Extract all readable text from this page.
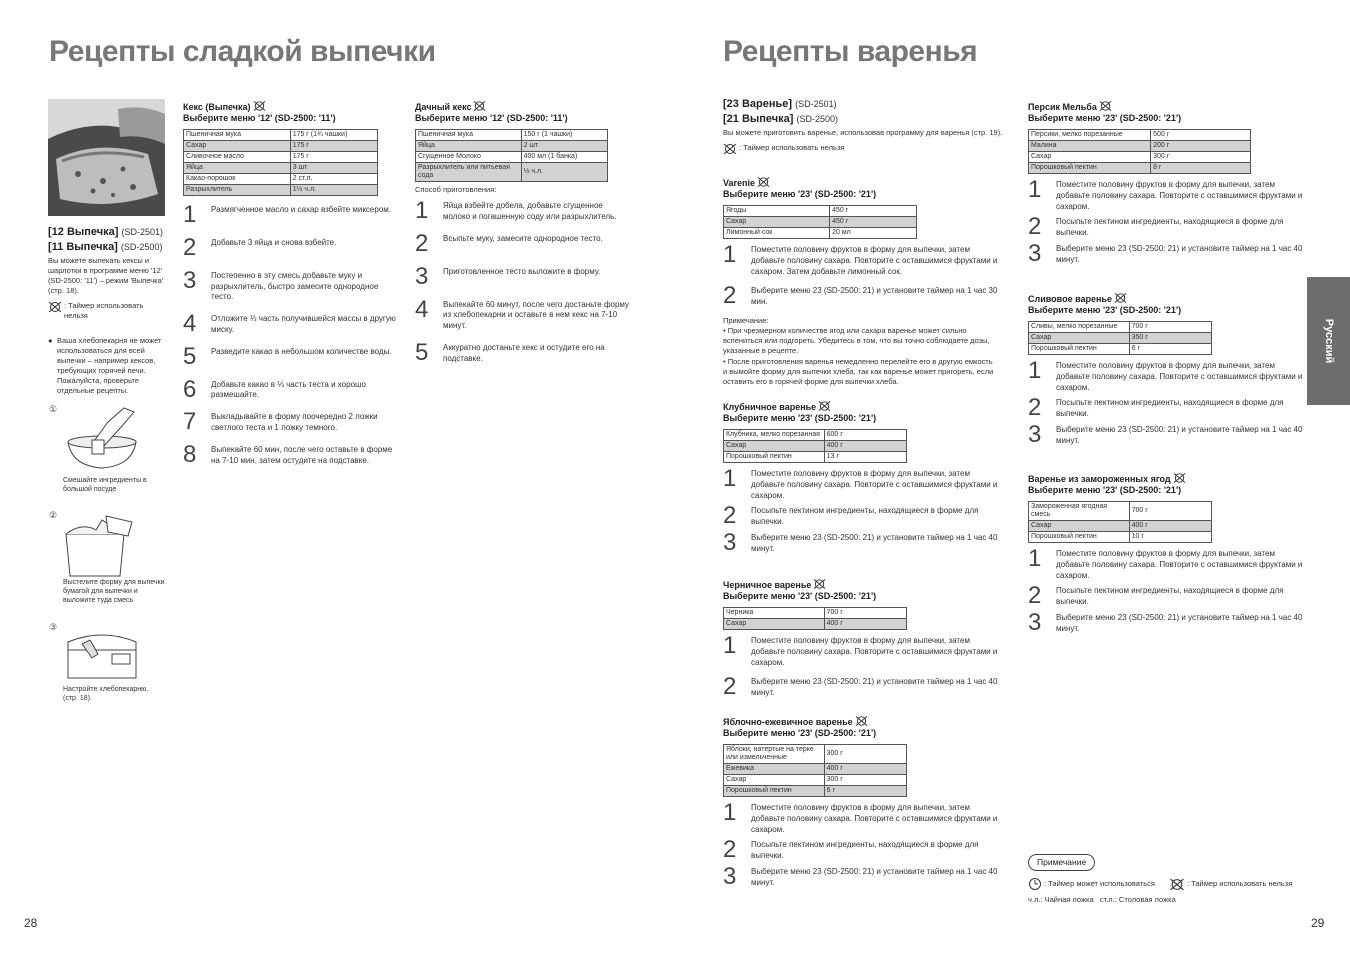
Рецепты сладкой выпечки
[12 Выпечка] (SD-2501)
[11 Выпечка] (SD-2500)
Вы можете выпекать кексы и шарлотки в программе меню '12' (SD-2500: '11') – режим 'Выпечка' (стр. 18).
: Таймер использовать нельзя
● Ваша хлебопекарня не может использоваться для всей выпечки – например кексов, требующих горячей печи. Пожалуйста, проверьте отдельные рецепты.
①
Смешайте ингредиенты в большой посуде
②
Выстелите форму для выпечки бумагой для выпечки и выложите туда смесь
③
Настройте хлебопекарню. (стр. 18).
Кекс (Выпечка)
Выберите меню '12' (SD-2500: '11')
Пшеничная мука	175 г (1¾ чашки)
Сахар	175 г
Сливочное масло	175 г
Яйца	3 шт
Какао-порошок	2 ст.л.
Разрыхлитель	1½ ч.л.
1	Размягченное масло и сахар взбейте миксером.
2	Добавьте 3 яйца и снова взбейте.
3	Постепенно в эту смесь добавьте муку и разрыхлитель, быстро замесите однородное тесто.
4	Отложите ⅓ часть получившейся массы в другую миску.
5	Разведите какао в небольшом количестве воды.
6	Добавьте какао в ⅓ часть теста и хорошо размешайте.
7	Выкладывайте в форму поочередно 2 ложки светлого теста и 1 ложку темного.
8	Выпекайте 60 мин, после чего оставьте в форме на 7-10 мин, затем остудите на подставке.
Дачный кекс
Выберите меню '12' (SD-2500: '11')
Пшеничная мука	150 г (1 чашки)
Яйца	2 шт
Сгущенное Молоко	400 мл (1 банка)
Разрыхлитель или питьевая сода	½ ч.л.
Способ приготовления:
1	Яйца взбейте добела, добавьте сгущенное молоко и погашенную соду или разрыхлитель.
2	Всыпьте муку, замесите однородное тесто.
3	Приготовленное тесто выложите в форму.
4	Выпекайте 60 минут, после чего достаньте форму из хлебопекарни и оставьте в нем кекс на 7-10 минут.
5	Аккуратно достаньте кекс и остудите его на подставке.
28
Рецепты варенья
[23 Варенье] (SD-2501)
[21 Выпечка] (SD-2500)
Вы можете приготовить варенье, использовав программу для варенья (стр. 19).
: Таймер использовать нельзя
Varenie
Выберите меню '23' (SD-2500: '21')
Ягоды	450 г
Сахар	450 г
Лимонный сок	20 мл
1	Поместите половину фруктов в форму для выпечки, затем добавьте половину сахара. Повторите с оставшимися фруктами и сахаром. Затем добавьте лимонный сок.
2	Выберите меню 23 (SD-2500: 21) и установите таймер на 1 час 30 мин.
Примечание:
• При чрезмерном количестве ягод или сахара варенье может сильно вспениться или подгореть. Убедитесь в том, что вы точно соблюдаете дозы, указанные в рецепте.
• После приготовления варенья немедленно перелейте его в другую емкость и вымойте форму для выпечки хлеба, так как варенье может пригореть, если оставить его в горячей форме для выпечки хлеба.
Клубничное варенье
Выберите меню '23' (SD-2500: '21')
Клубника, мелко порезанная	600 г
Сахар	400 г
Порошковый пектин	13 г
1	Поместите половину фруктов в форму для выпечки, затем добавьте половину сахара. Повторите с оставшимися фруктами и сахаром.
2	Посыпьте пектином ингредиенты, находящиеся в форме для выпечки.
3	Выберите меню 23 (SD-2500: 21) и установите таймер на 1 час 40 минут.
Черничное варенье
Выберите меню '23' (SD-2500: '21')
Черника	700 г
Сахар	400 г
1	Поместите половину фруктов в форму для выпечки, затем добавьте половину сахара. Повторите с оставшимися фруктами и сахаром.
2	Выберите меню 23 (SD-2500: 21) и установите таймер на 1 час 40 минут.
Яблочно-ежевичное варенье
Выберите меню '23' (SD-2500: '21')
Яблоки, натертые на терке или измельченные	300 г
Ежевика	400 г
Сахар	300 г
Порошковый пектин	6 г
1	Поместите половину фруктов в форму для выпечки, затем добавьте половину сахара. Повторите с оставшимися фруктами и сахаром.
2	Посыпьте пектином ингредиенты, находящиеся в форме для выпечки.
3	Выберите меню 23 (SD-2500: 21) и установите таймер на 1 час 40 минут.
Персик Мельба
Выберите меню '23' (SD-2500: '21')
Персики, мелко порезанные	500 г
Малина	200 г
Сахар	300 г
Порошковый пектин	8 г
1	Поместите половину фруктов в форму для выпечки, затем добавьте половину сахара. Повторите с оставшимися фруктами и сахаром.
2	Посыпьте пектином ингредиенты, находящиеся в форме для выпечки.
3	Выберите меню 23 (SD-2500: 21) и установите таймер на 1 час 40 минут.
Сливовое варенье
Выберите меню '23' (SD-2500: '21')
Сливы, мелко порезанные	700 г
Сахар	350 г
Порошковый пектин	6 г
1	Поместите половину фруктов в форму для выпечки, затем добавьте половину сахара. Повторите с оставшимися фруктами и сахаром.
2	Посыпьте пектином ингредиенты, находящиеся в форме для выпечки.
3	Выберите меню 23 (SD-2500: 21) и установите таймер на 1 час 40 минут.
Варенье из замороженных ягод
Выберите меню '23' (SD-2500: '21')
Замороженная ягодная смесь	700 г
Сахар	400 г
Порошковый пектин	10 г
1	Поместите половину фруктов в форму для выпечки, затем добавьте половину сахара. Повторите с оставшимися фруктами и сахаром.
2	Посыпьте пектином ингредиенты, находящиеся в форме для выпечки.
3	Выберите меню 23 (SD-2500: 21) и установите таймер на 1 час 40 минут.
Примечание
: Таймер может использоваться	: Таймер использовать нельзя
ч.л.: Чайная ложка   ст.л.: Столовая ложка
Русский
29
